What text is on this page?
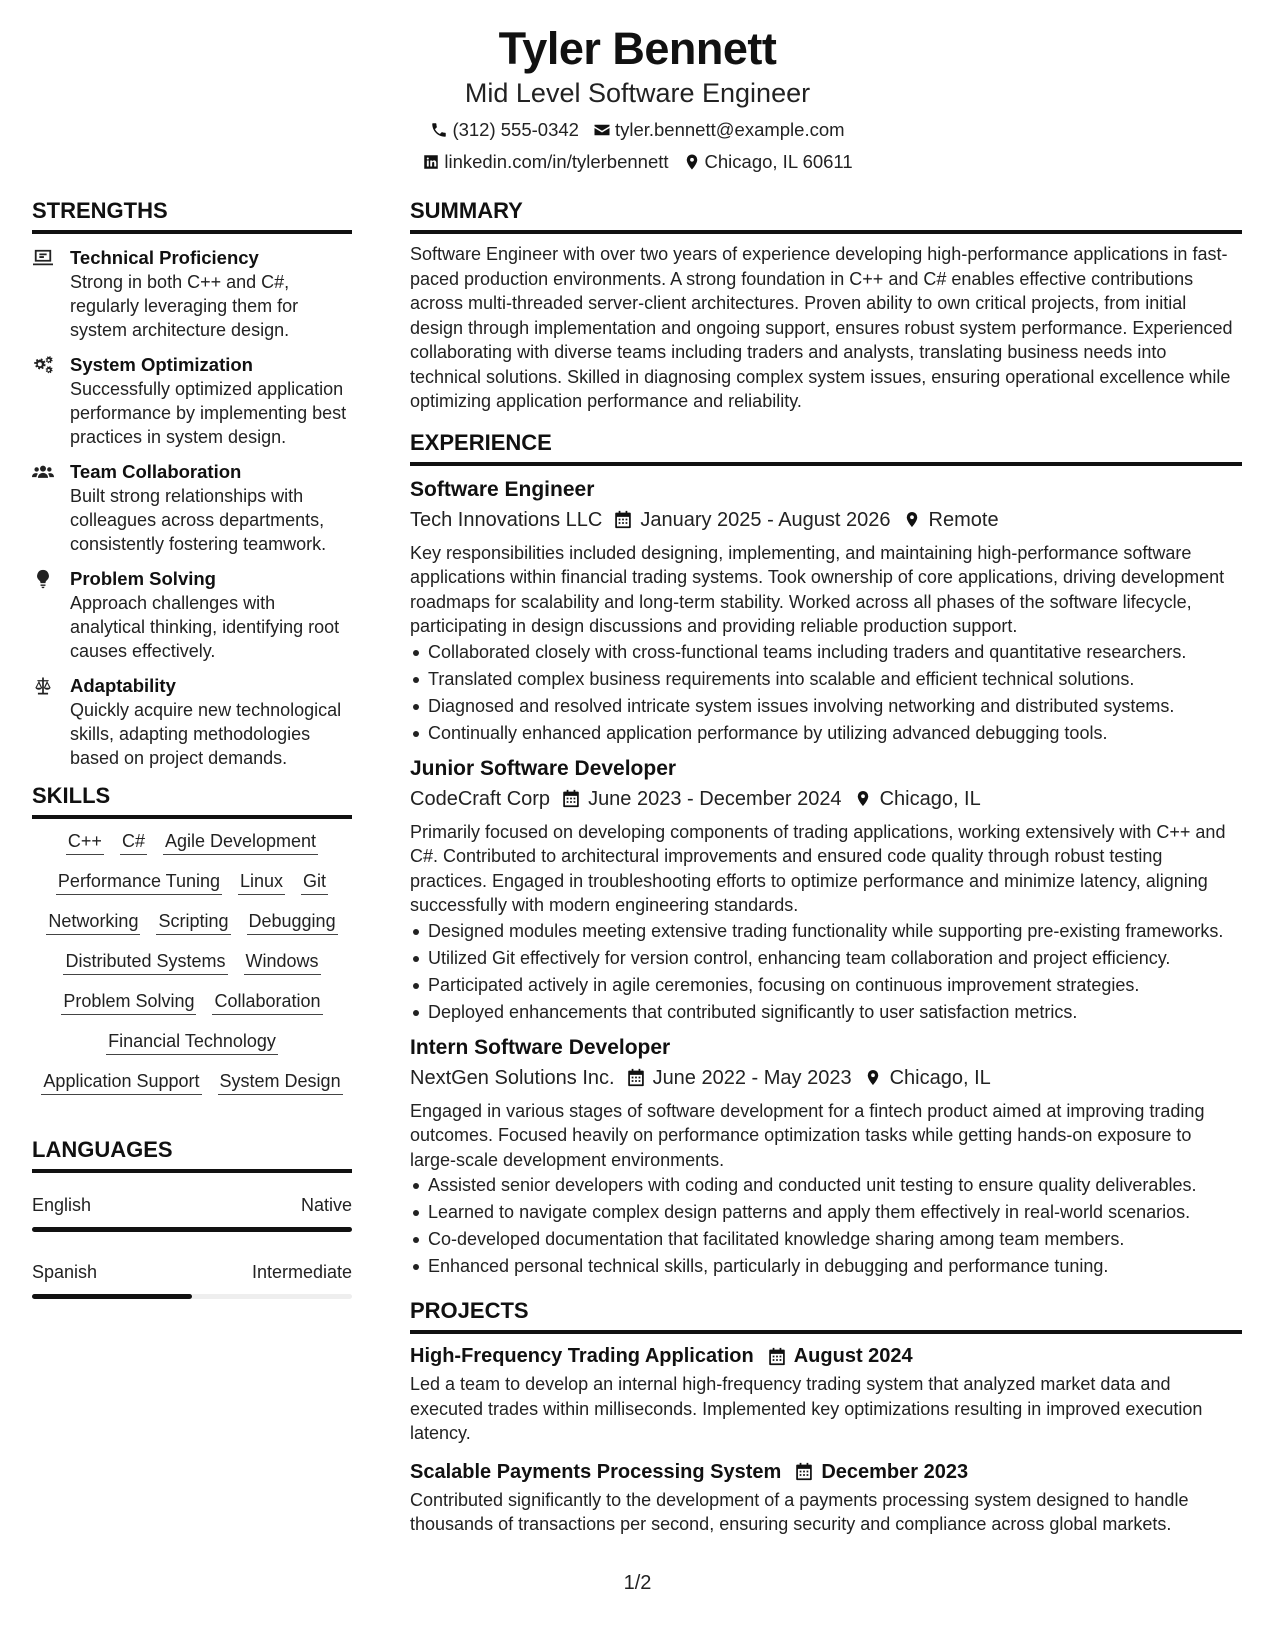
Tyler Bennett
Mid Level Software Engineer
(312) 555-0342 tyler.bennett@example.com
linkedin.com/in/tylerbennett Chicago, IL 60611
STRENGTHS
Technical Proficiency
Strong in both C++ and C#, regularly leveraging them for system architecture design.
System Optimization
Successfully optimized application performance by implementing best practices in system design.
Team Collaboration
Built strong relationships with colleagues across departments, consistently fostering teamwork.
Problem Solving
Approach challenges with analytical thinking, identifying root causes effectively.
Adaptability
Quickly acquire new technological skills, adapting methodologies based on project demands.
SKILLS
C++ C# Agile Development
Performance Tuning Linux Git
Networking Scripting Debugging
Distributed Systems Windows
Problem Solving Collaboration
Financial Technology
Application Support System Design
LANGUAGES
English	Native
Spanish	Intermediate
SUMMARY
Software Engineer with over two years of experience developing high-performance applications in fast-paced production environments. A strong foundation in C++ and C# enables effective contributions across multi-threaded server-client architectures. Proven ability to own critical projects, from initial design through implementation and ongoing support, ensures robust system performance. Experienced collaborating with diverse teams including traders and analysts, translating business needs into technical solutions. Skilled in diagnosing complex system issues, ensuring operational excellence while optimizing application performance and reliability.
EXPERIENCE
Software Engineer
Tech Innovations LLC January 2025 - August 2026 Remote
Key responsibilities included designing, implementing, and maintaining high-performance software applications within financial trading systems. Took ownership of core applications, driving development roadmaps for scalability and long-term stability. Worked across all phases of the software lifecycle, participating in design discussions and providing reliable production support.
Collaborated closely with cross-functional teams including traders and quantitative researchers.
Translated complex business requirements into scalable and efficient technical solutions.
Diagnosed and resolved intricate system issues involving networking and distributed systems.
Continually enhanced application performance by utilizing advanced debugging tools.
Junior Software Developer
CodeCraft Corp June 2023 - December 2024 Chicago, IL
Primarily focused on developing components of trading applications, working extensively with C++ and C#. Contributed to architectural improvements and ensured code quality through robust testing practices. Engaged in troubleshooting efforts to optimize performance and minimize latency, aligning successfully with modern engineering standards.
Designed modules meeting extensive trading functionality while supporting pre-existing frameworks.
Utilized Git effectively for version control, enhancing team collaboration and project efficiency.
Participated actively in agile ceremonies, focusing on continuous improvement strategies.
Deployed enhancements that contributed significantly to user satisfaction metrics.
Intern Software Developer
NextGen Solutions Inc. June 2022 - May 2023 Chicago, IL
Engaged in various stages of software development for a fintech product aimed at improving trading outcomes. Focused heavily on performance optimization tasks while getting hands-on exposure to large-scale development environments.
Assisted senior developers with coding and conducted unit testing to ensure quality deliverables.
Learned to navigate complex design patterns and apply them effectively in real-world scenarios.
Co-developed documentation that facilitated knowledge sharing among team members.
Enhanced personal technical skills, particularly in debugging and performance tuning.
PROJECTS
High-Frequency Trading Application August 2024
Led a team to develop an internal high-frequency trading system that analyzed market data and executed trades within milliseconds. Implemented key optimizations resulting in improved execution latency.
Scalable Payments Processing System December 2023
Contributed significantly to the development of a payments processing system designed to handle thousands of transactions per second, ensuring security and compliance across global markets.
1/2
